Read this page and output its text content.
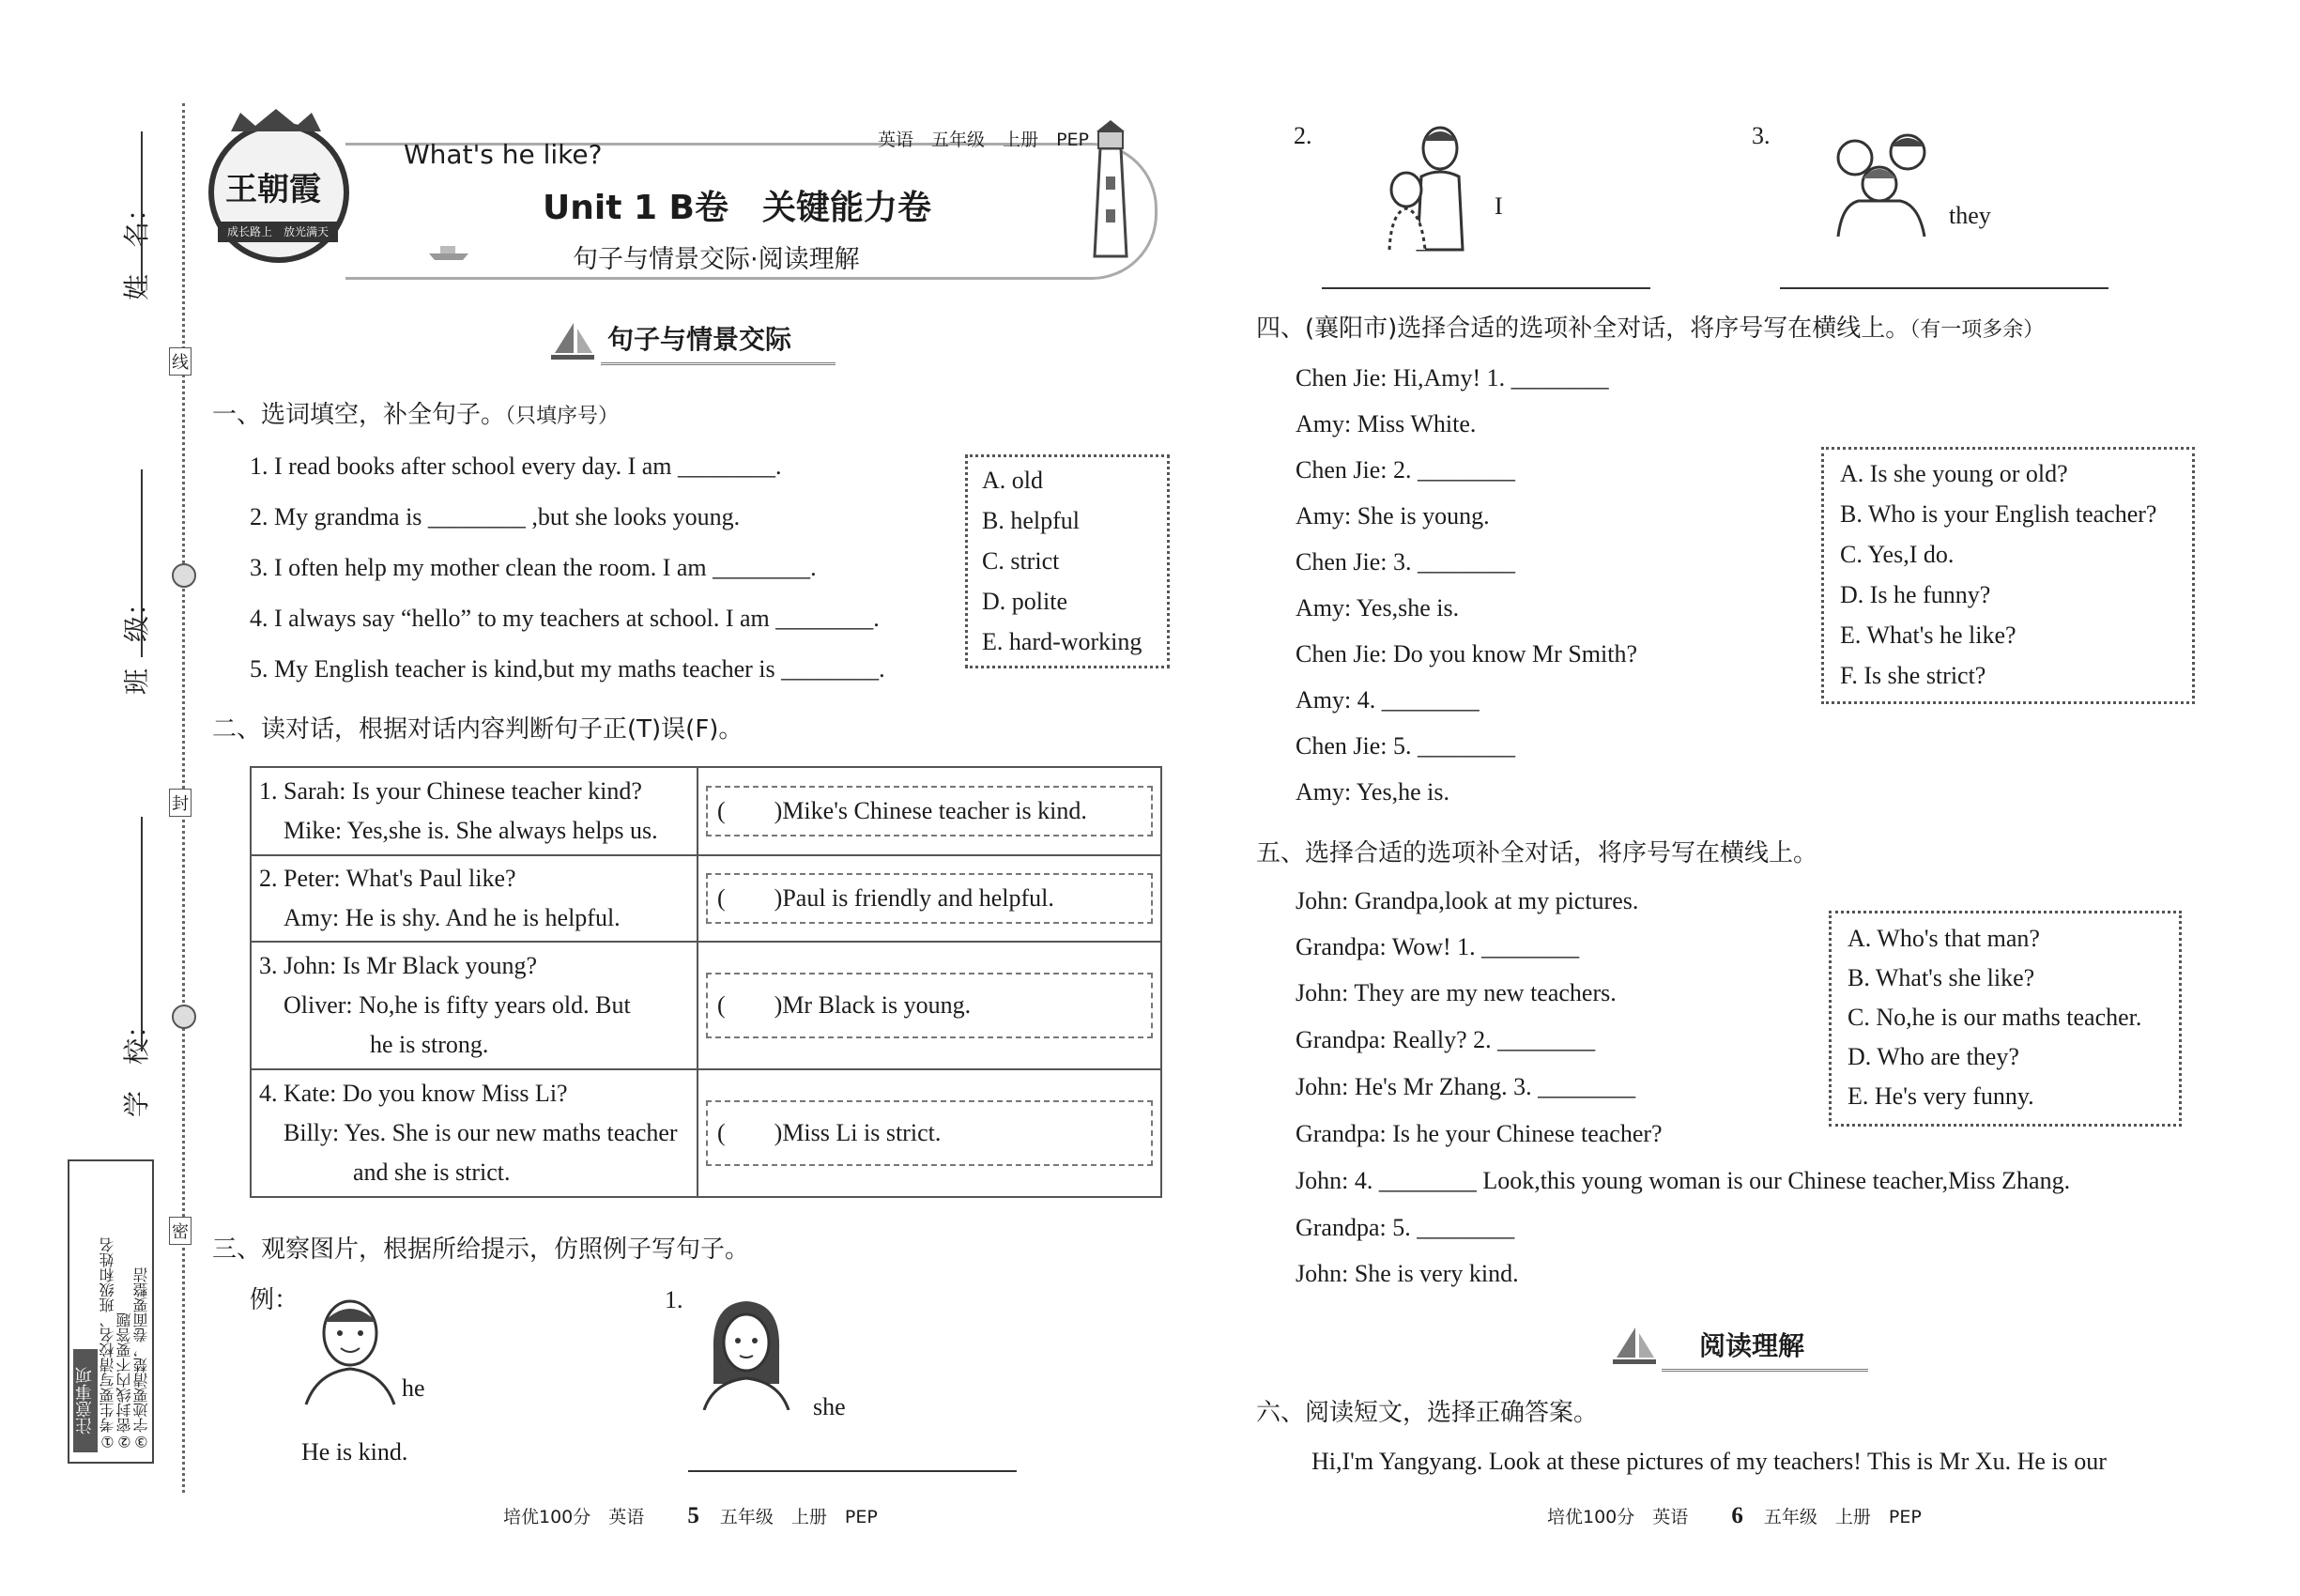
姓　名：
班　级：
学　校：
线
封
密
注意事项 ①考生要写清校名、班级和姓名 ②密封线内不要答题 ③字迹要清楚，卷面要整洁
王朝霞
成长路上　 放光满天
What's he like?	英语　 五年级　 上册　 PEP
Unit 1 B卷　关键能力卷
句子与情景交际·阅读理解
句子与情景交际
一、选词填空，补全句子。（只填序号）
1. I read books after school every day. I am ________.
2. My grandma is ________ ,but she looks young.
3. I often help my mother clean the room. I am ________.
4. I always say “hello” to my teachers at school. I am ________.
5. My English teacher is kind,but my maths teacher is ________.
A. old
B. helpful
C. strict
D. polite
E. hard-working
二、读对话，根据对话内容判断句子正(T)误(F)。
1. Sarah: Is your Chinese teacher kind?
Mike: Yes,she is. She always helps us.	(　　)Mike's Chinese teacher is kind.

2. Peter: What's Paul like?
Amy: He is shy. And he is helpful.	(　　)Paul is friendly and helpful.

3. John: Is Mr Black young?
Oliver: No,he is fifty years old. But
he is strong.	(　　)Mr Black is young.

4. Kate: Do you know Miss Li?
Billy: Yes. She is our new maths teacher
and she is strict.	(　　)Miss Li is strict.
三、观察图片，根据所给提示，仿照例子写句子。
例：
he
He is kind.
1.
she
培优100分　英语 5 五年级　上册　PEP
2.
I
3.
they
四、(襄阳市)选择合适的选项补全对话，将序号写在横线上。（有一项多余）
Chen Jie: Hi,Amy! 1. ________
Amy: Miss White.
Chen Jie: 2. ________
Amy: She is young.
Chen Jie: 3. ________
Amy: Yes,she is.
Chen Jie: Do you know Mr Smith?
Amy: 4. ________
Chen Jie: 5. ________
Amy: Yes,he is.
A. Is she young or old?
B. Who is your English teacher?
C. Yes,I do.
D. Is he funny?
E. What's he like?
F. Is she strict?
五、选择合适的选项补全对话，将序号写在横线上。
John: Grandpa,look at my pictures.
Grandpa: Wow! 1. ________
John: They are my new teachers.
Grandpa: Really? 2. ________
John: He's Mr Zhang. 3. ________
Grandpa: Is he your Chinese teacher?
John: 4. ________ Look,this young woman is our Chinese teacher,Miss Zhang.
Grandpa: 5. ________
John: She is very kind.
A. Who's that man?
B. What's she like?
C. No,he is our maths teacher.
D. Who are they?
E. He's very funny.
阅读理解
六、阅读短文，选择正确答案。
Hi,I'm Yangyang. Look at these pictures of my teachers! This is Mr Xu. He is our
培优100分　英语 6 五年级　上册　PEP
